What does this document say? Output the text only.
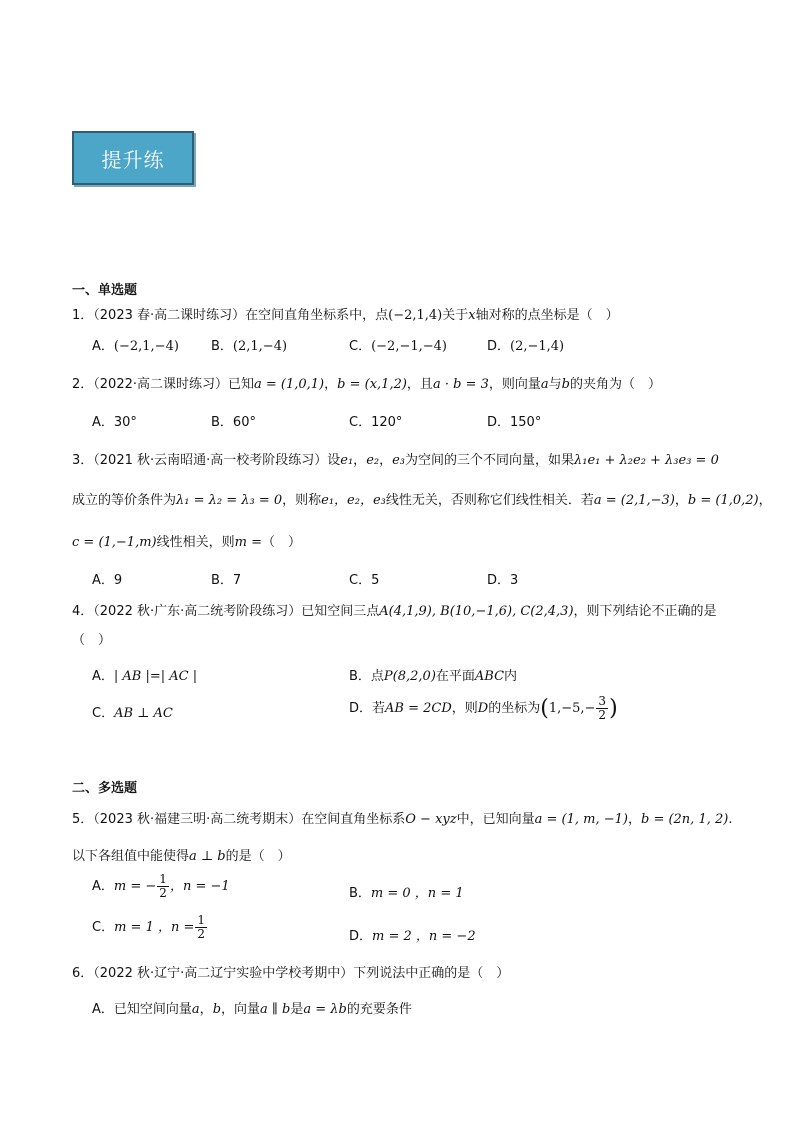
提升练
一、单选题
1．（2023 春·高二课时练习）在空间直角坐标系中，点(−2,1,4)关于x轴对称的点坐标是（　）
A．(−2,1,−4) B．(2,1,−4)	C．(−2,−1,−4)	D．(2,−1,4)
2．（2022·高二课时练习）已知a = (1,0,1)，b = (x,1,2)，且a · b = 3，则向量a与b的夹角为（　）
A．30°	B．60°	C．120°	D．150°
3．（2021 秋·云南昭通·高一校考阶段练习）设e₁，e₂，e₃为空间的三个不同向量，如果λ₁e₁ + λ₂e₂ + λ₃e₃ = 0
成立的等价条件为λ₁ = λ₂ = λ₃ = 0，则称e₁，e₂，e₃线性无关，否则称它们线性相关．若a = (2,1,−3)，b = (1,0,2)，
c = (1,−1,m)线性相关，则m =（　）
A．9	B．7	C．5	D．3
4．（2022 秋·广东·高二统考阶段练习）已知空间三点A(4,1,9), B(10,−1,6), C(2,4,3)，则下列结论不正确的是
（　）
A．| AB |=| AC |	B．点P(8,2,0)在平面ABC内
C．AB ⊥ AC	D．若AB = 2CD，则D的坐标为($1,-5,- \frac{3}{2}$ )
二、多选题
5．（2023 秋·福建三明·高二统考期末）在空间直角坐标系O − xyz中，已知向量a = (1, m, −1)，b = (2n, 1, 2).
以下各组值中能使得a ⊥ b的是（　）
A．m = − $\frac{1}{2}$ ，n = −1	B．m = 0 ，n = 1
C．m = 1 ，$n = \frac{1}{2}$	D．m = 2 ，n = −2
6．（2022 秋·辽宁·高二辽宁实验中学校考期中）下列说法中正确的是（　）
A．已知空间向量a，b，向量a ∥ b是a = λb的充要条件
